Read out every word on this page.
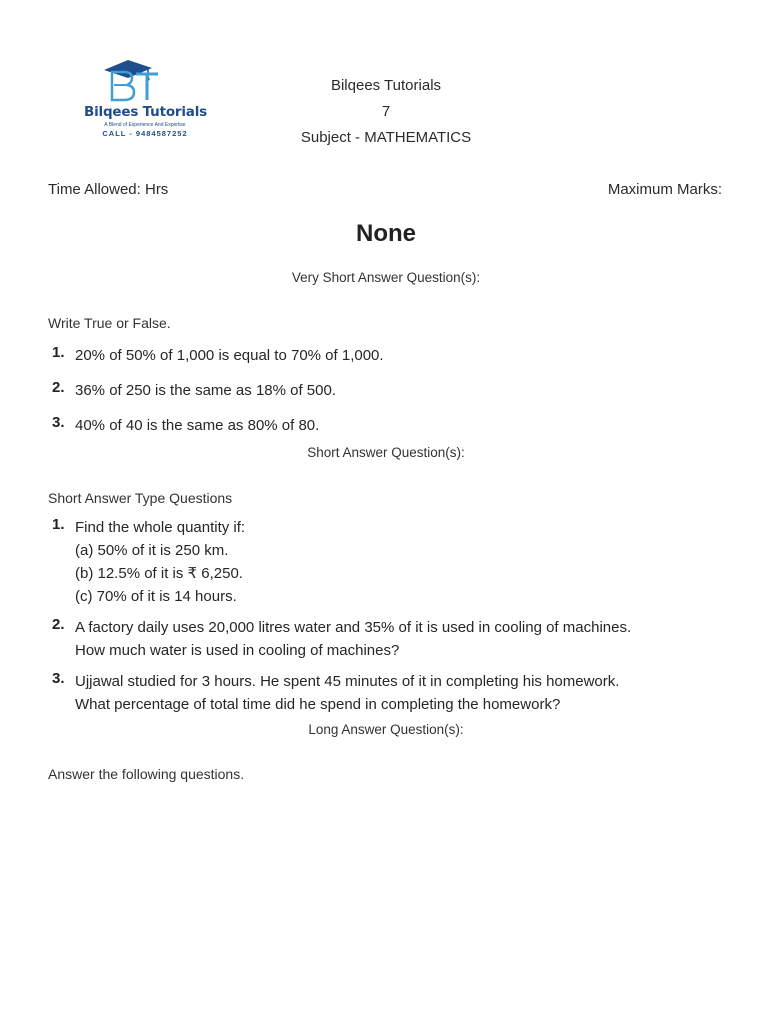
Bilqees Tutorials
A Blend of Experience And Expertise
CALL - 9484587252
Bilqees Tutorials
7
Subject - MATHEMATICS
Time Allowed: Hrs	Maximum Marks:
None
Very Short Answer Question(s):
Write True or False.
1. 20% of 50% of 1,000 is equal to 70% of 1,000.
2. 36% of 250 is the same as 18% of 500.
3. 40% of 40 is the same as 80% of 80.
Short Answer Question(s):
Short Answer Type Questions
1. Find the whole quantity if:
(a) 50% of it is 250 km.
(b) 12.5% of it is ₹ 6,250.
(c) 70% of it is 14 hours.
2. A factory daily uses 20,000 litres water and 35% of it is used in cooling of machines.
How much water is used in cooling of machines?
3. Ujjawal studied for 3 hours. He spent 45 minutes of it in completing his homework.
What percentage of total time did he spend in completing the homework?
Long Answer Question(s):
Answer the following questions.
